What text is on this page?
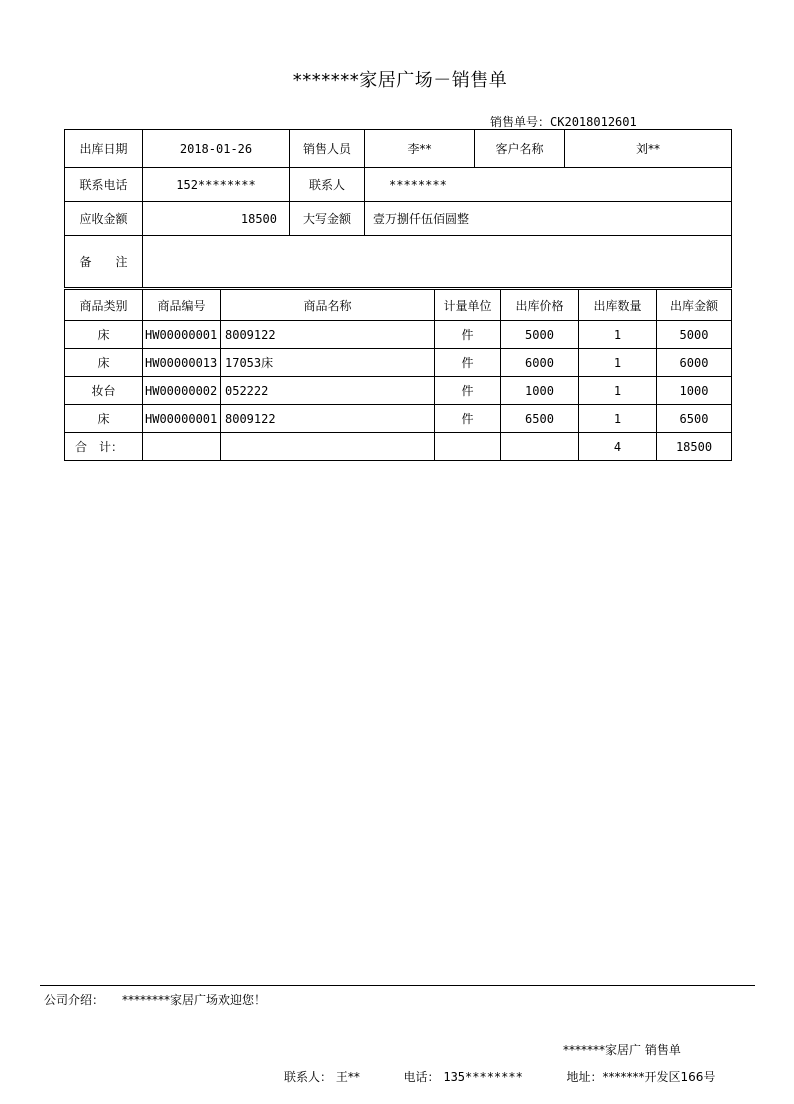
*******家居广场－销售单
销售单号：CK2018012601
出库日期	2018-01-26	销售人员	李**	客户名称	刘**
联系电话	152********	联系人	********		
应收金额	18500	大写金额	壹万捌仟伍佰圆整		
备　　注					
商品类别	商品编号	商品名称	计量单位	出库价格	出库数量	出库金额
床	HW00000001	8009122	件	5000	1	5000
床	HW00000013	17053床	件	6000	1	6000
妆台	HW00000002	052222	件	1000	1	1000
床	HW00000001	8009122	件	6500	1	6500
合　计：					4	18500
公司介绍： ********家居广场欢迎您！
*******家居广 销售单
联系人： 王**	电话： 135********	地址：*******开发区166号
